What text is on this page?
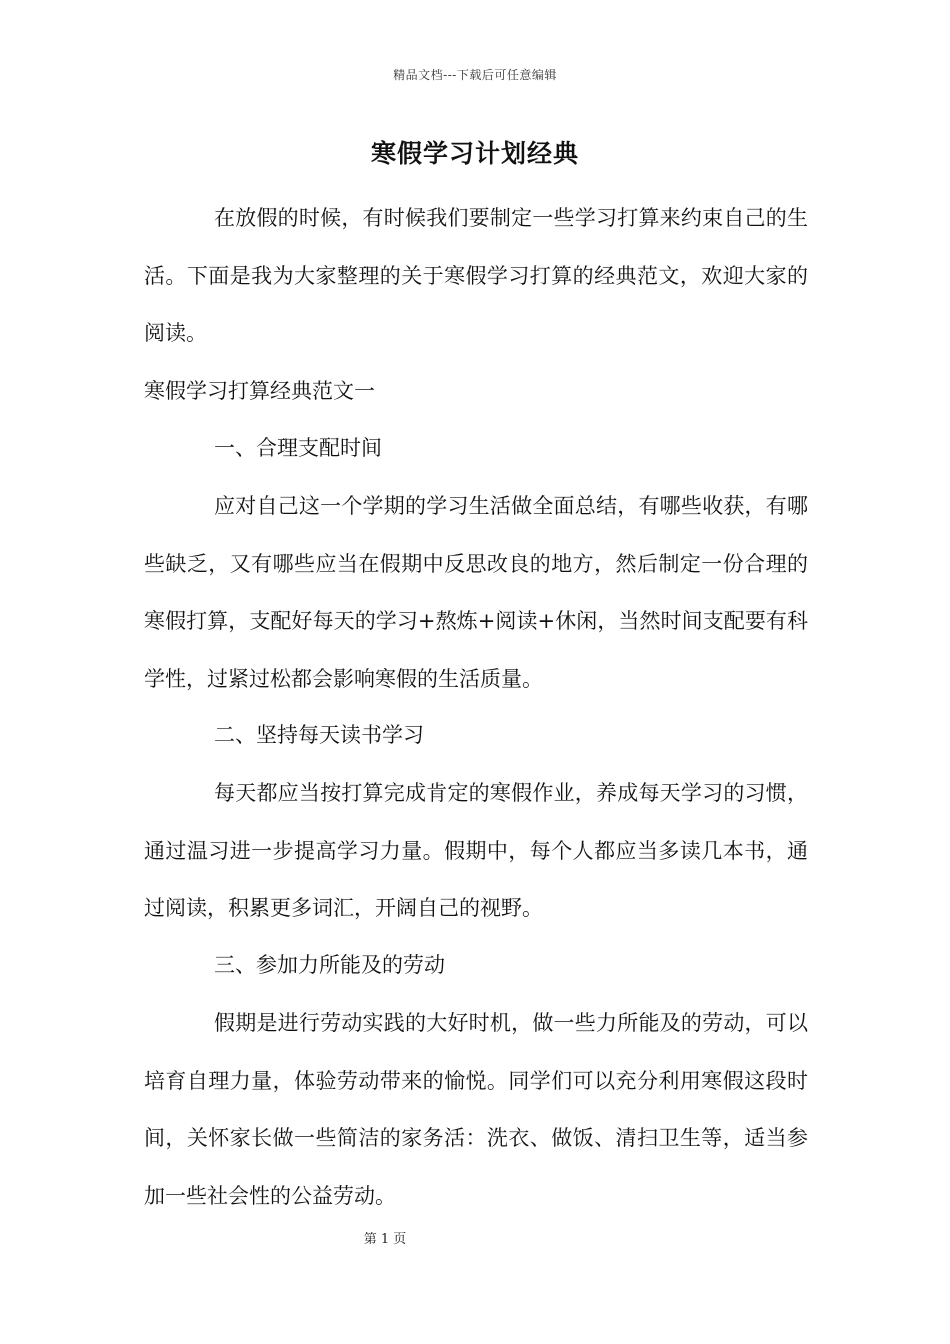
精品文档---下载后可任意编辑
寒假学习计划经典

在放假的时候，有时候我们要制定一些学习打算来约束自己的生活。下面是我为大家整理的关于寒假学习打算的经典范文，欢迎大家的阅读。

寒假学习打算经典范文一

一、合理支配时间

应对自己这一个学期的学习生活做全面总结，有哪些收获，有哪些缺乏，又有哪些应当在假期中反思改良的地方，然后制定一份合理的寒假打算，支配好每天的学习+熬炼+阅读+休闲，当然时间支配要有科学性，过紧过松都会影响寒假的生活质量。

二、坚持每天读书学习

每天都应当按打算完成肯定的寒假作业，养成每天学习的习惯，通过温习进一步提高学习力量。假期中，每个人都应当多读几本书，通过阅读，积累更多词汇，开阔自己的视野。

三、参加力所能及的劳动

假期是进行劳动实践的大好时机，做一些力所能及的劳动，可以培育自理力量，体验劳动带来的愉悦。同学们可以充分利用寒假这段时间，关怀家长做一些简洁的家务活：洗衣、做饭、清扫卫生等，适当参加一些社会性的公益劳动。

第 1 页
